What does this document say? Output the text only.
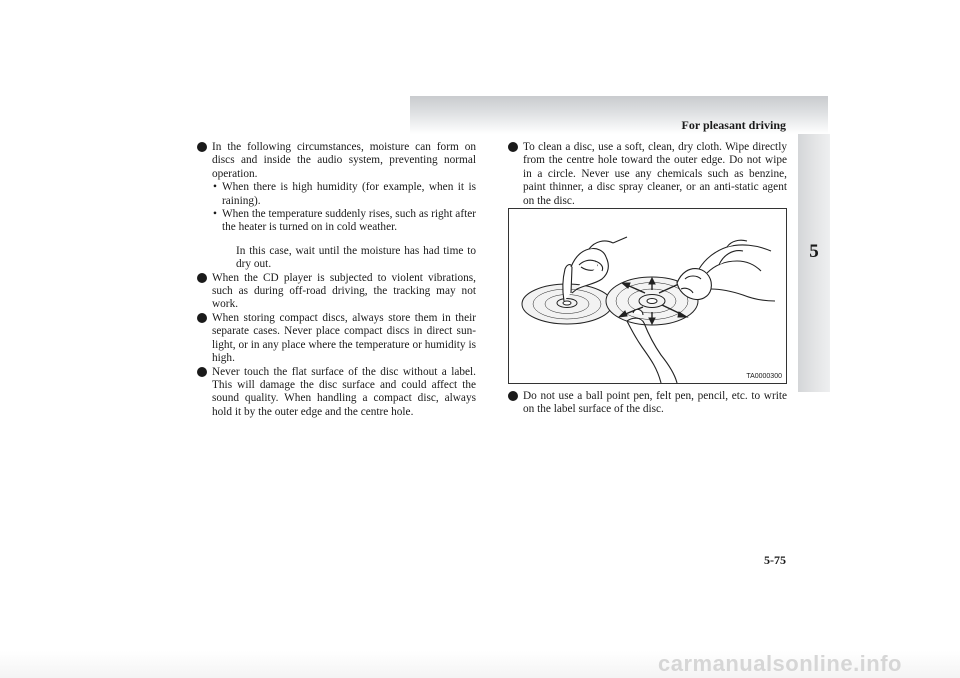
For pleasant driving
5
In the following circumstances, moisture can form on discs and inside the audio system, preventing normal operation.
• When there is high humidity (for example, when it is raining).
• When the temperature suddenly rises, such as right after the heater is turned on in cold weather.
In this case, wait until the moisture has had time to dry out.
When the CD player is subjected to violent vibrations, such as during off-road driving, the tracking may not work.
When storing compact discs, always store them in their separate cases. Never place compact discs in direct sun-light, or in any place where the temperature or humidity is high.
Never touch the flat surface of the disc without a label. This will damage the disc surface and could affect the sound quality. When handling a compact disc, always hold it by the outer edge and the centre hole.
To clean a disc, use a soft, clean, dry cloth. Wipe directly from the centre hole toward the outer edge. Do not wipe in a circle. Never use any chemicals such as benzine, paint thinner, a disc spray cleaner, or an anti-static agent on the disc.
TA0000300
Do not use a ball point pen, felt pen, pencil, etc. to write on the label surface of the disc.
5-75
carmanualsonline.info
